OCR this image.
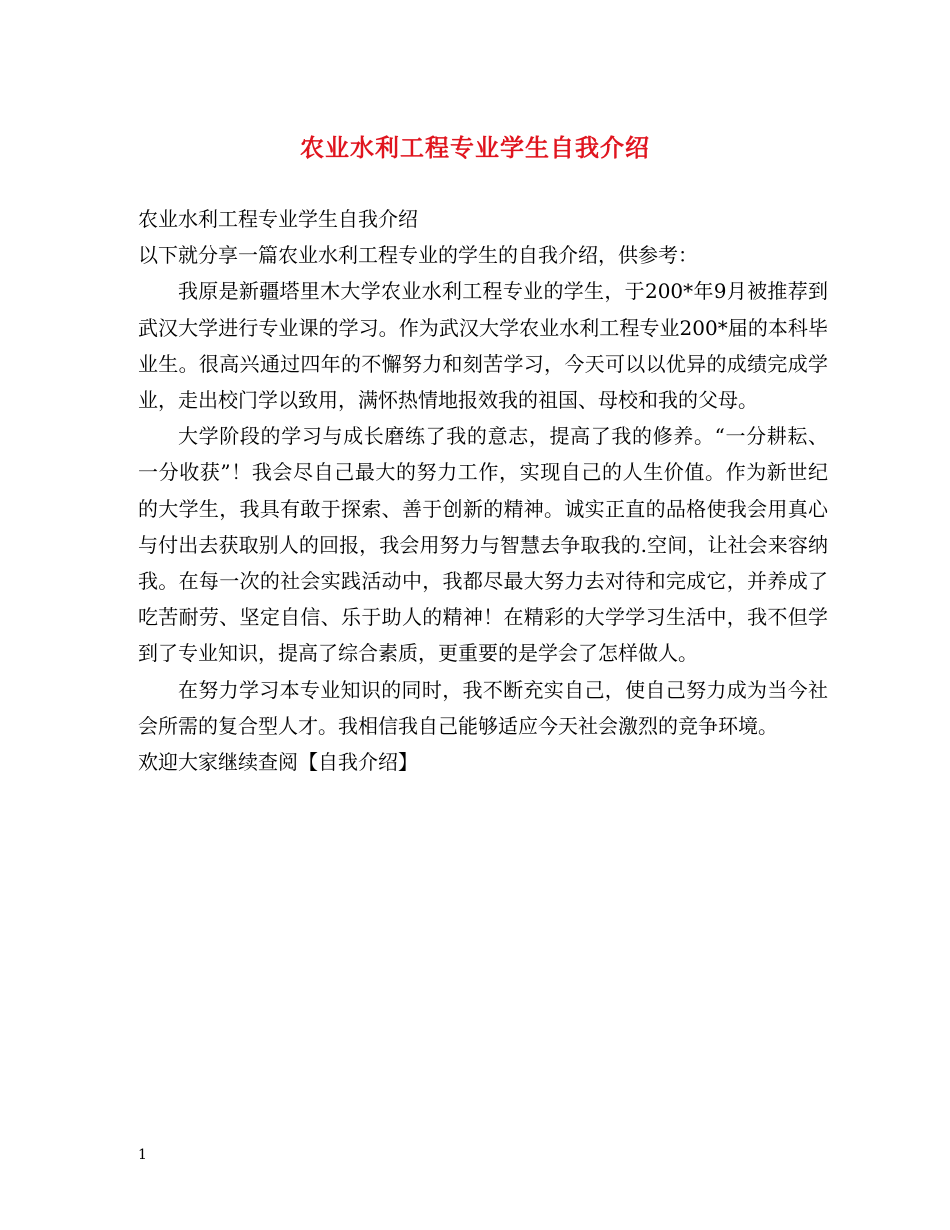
农业水利工程专业学生自我介绍

农业水利工程专业学生自我介绍

以下就分享一篇农业水利工程专业的学生的自我介绍，供参考：

我原是新疆塔里木大学农业水利工程专业的学生，于200*年9月被推荐到武汉大学进行专业课的学习。作为武汉大学农业水利工程专业200*届的本科毕业生。很高兴通过四年的不懈努力和刻苦学习，今天可以以优异的成绩完成学业，走出校门学以致用，满怀热情地报效我的祖国、母校和我的父母。

大学阶段的学习与成长磨练了我的意志，提高了我的修养。“一分耕耘、一分收获”！我会尽自己最大的努力工作，实现自己的人生价值。作为新世纪的大学生，我具有敢于探索、善于创新的精神。诚实正直的品格使我会用真心与付出去获取别人的回报，我会用努力与智慧去争取我的.空间，让社会来容纳我。在每一次的社会实践活动中，我都尽最大努力去对待和完成它，并养成了吃苦耐劳、坚定自信、乐于助人的精神！在精彩的大学学习生活中，我不但学到了专业知识，提高了综合素质，更重要的是学会了怎样做人。

在努力学习本专业知识的同时，我不断充实自己，使自己努力成为当今社会所需的复合型人才。我相信我自己能够适应今天社会激烈的竞争环境。

欢迎大家继续查阅【自我介绍】

1
